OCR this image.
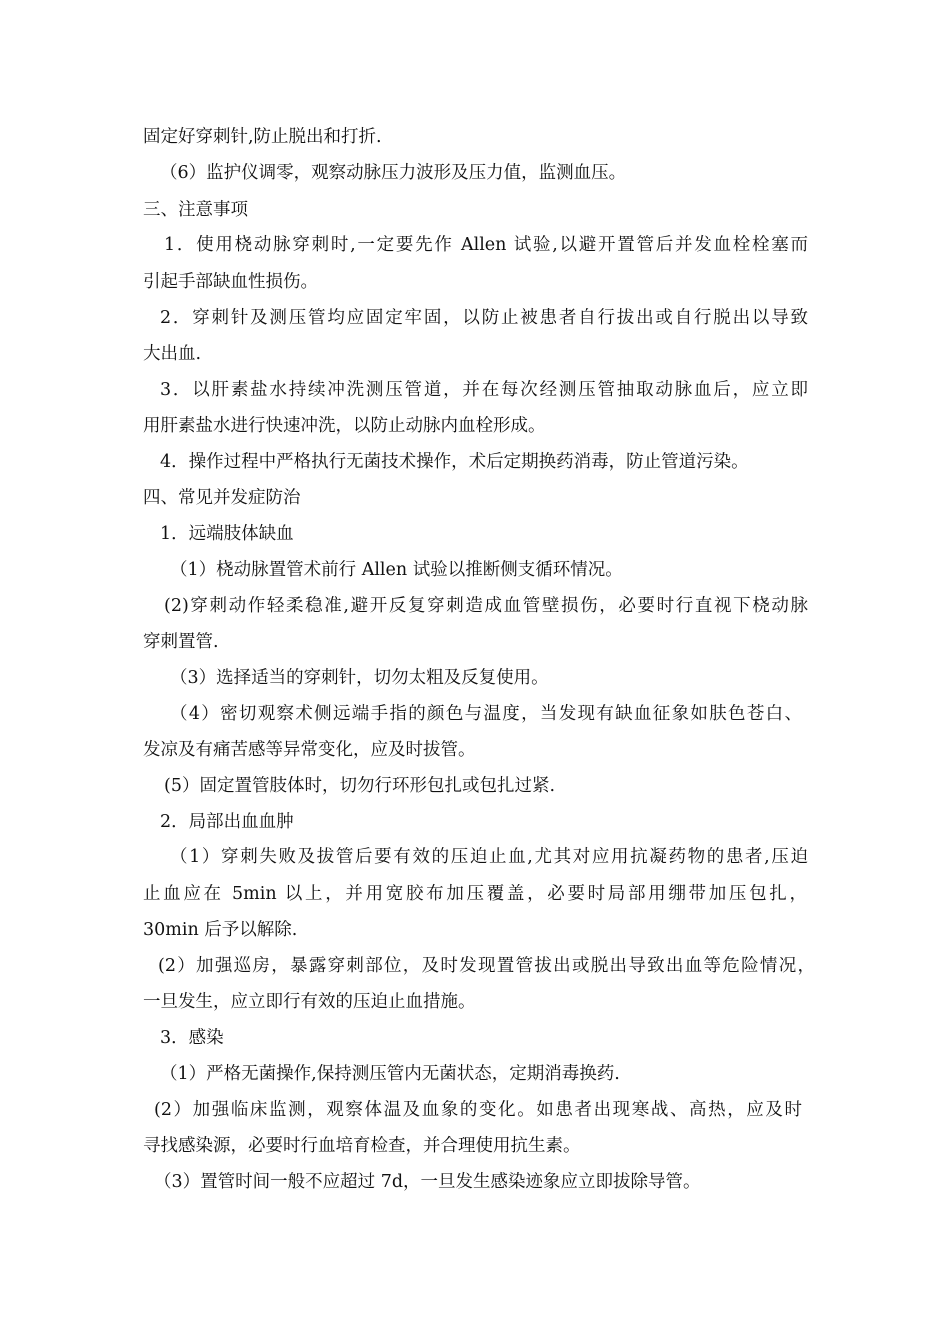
固定好穿刺针,防止脱出和打折.
（6）监护仪调零，观察动脉压力波形及压力值，监测血压。
三、注意事项
1．使用桡动脉穿刺时,一定要先作 Allen 试验,以避开置管后并发血栓栓塞而
引起手部缺血性损伤。
2．穿刺针及测压管均应固定牢固，以防止被患者自行拔出或自行脱出以导致
大出血.
3．以肝素盐水持续冲洗测压管道，并在每次经测压管抽取动脉血后，应立即
用肝素盐水进行快速冲洗，以防止动脉内血栓形成。
4．操作过程中严格执行无菌技术操作，术后定期换药消毒，防止管道污染。
四、常见并发症防治
1．远端肢体缺血
（1）桡动脉置管术前行 Allen 试验以推断侧支循环情况。
(2)穿刺动作轻柔稳准,避开反复穿刺造成血管壁损伤，必要时行直视下桡动脉
穿刺置管.
（3）选择适当的穿刺针，切勿太粗及反复使用。
（4）密切观察术侧远端手指的颜色与温度，当发现有缺血征象如肤色苍白、
发凉及有痛苦感等异常变化，应及时拔管。
(5）固定置管肢体时，切勿行环形包扎或包扎过紧.
2．局部出血血肿
（1）穿刺失败及拔管后要有效的压迫止血,尤其对应用抗凝药物的患者,压迫
止血应在 5min 以上，并用宽胶布加压覆盖，必要时局部用绷带加压包扎，
30min 后予以解除.
(2）加强巡房，暴露穿刺部位，及时发现置管拔出或脱出导致出血等危险情况，
一旦发生，应立即行有效的压迫止血措施。
3．感染
（1）严格无菌操作,保持测压管内无菌状态，定期消毒换药.
(2）加强临床监测，观察体温及血象的变化。如患者出现寒战、高热，应及时
寻找感染源，必要时行血培育检查，并合理使用抗生素。
（3）置管时间一般不应超过 7d，一旦发生感染迹象应立即拔除导管。
